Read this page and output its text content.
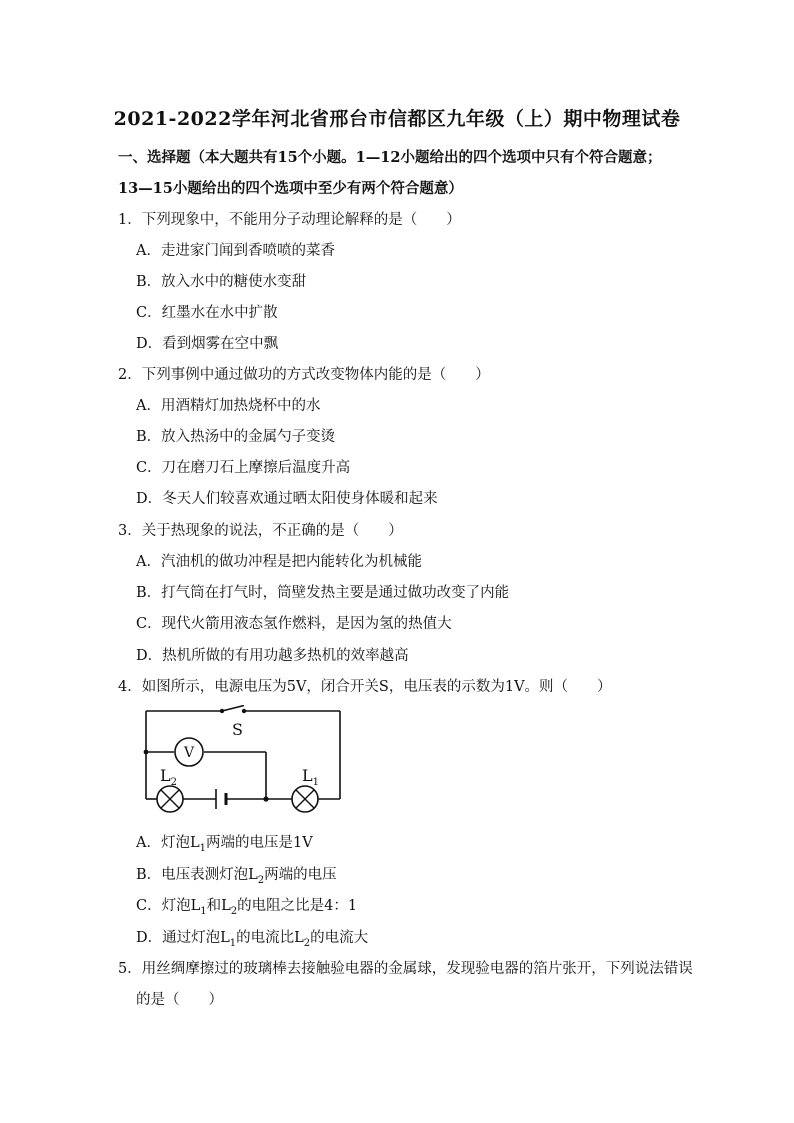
2021-2022学年河北省邢台市信都区九年级（上）期中物理试卷
一、选择题（本大题共有15个小题。1—12小题给出的四个选项中只有个符合题意；
13—15小题给出的四个选项中至少有两个符合题意）
1．下列现象中，不能用分子动理论解释的是（　　）
A．走进家门闻到香喷喷的菜香
B．放入水中的糖使水变甜
C．红墨水在水中扩散
D．看到烟雾在空中飘
2．下列事例中通过做功的方式改变物体内能的是（　　）
A．用酒精灯加热烧杯中的水
B．放入热汤中的金属勺子变烫
C．刀在磨刀石上摩擦后温度升高
D．冬天人们较喜欢通过晒太阳使身体暖和起来
3．关于热现象的说法，不正确的是（　　）
A．汽油机的做功冲程是把内能转化为机械能
B．打气筒在打气时，筒壁发热主要是通过做功改变了内能
C．现代火箭用液态氢作燃料，是因为氢的热值大
D．热机所做的有用功越多热机的效率越高
4．如图所示，电源电压为5V，闭合开关S，电压表的示数为1V。则（　　）
V
S
$L_2$	$L_1$
A．灯泡$L_1$两端的电压是1V
B．电压表测灯泡$L_2$两端的电压
C．灯泡$L_1$和$L_2$的电阻之比是4：1
D．通过灯泡$L_1$的电流比$L_2$的电流大
5．用丝绸摩擦过的玻璃棒去接触验电器的金属球，发现验电器的箔片张开，下列说法错误
的是（　　）
